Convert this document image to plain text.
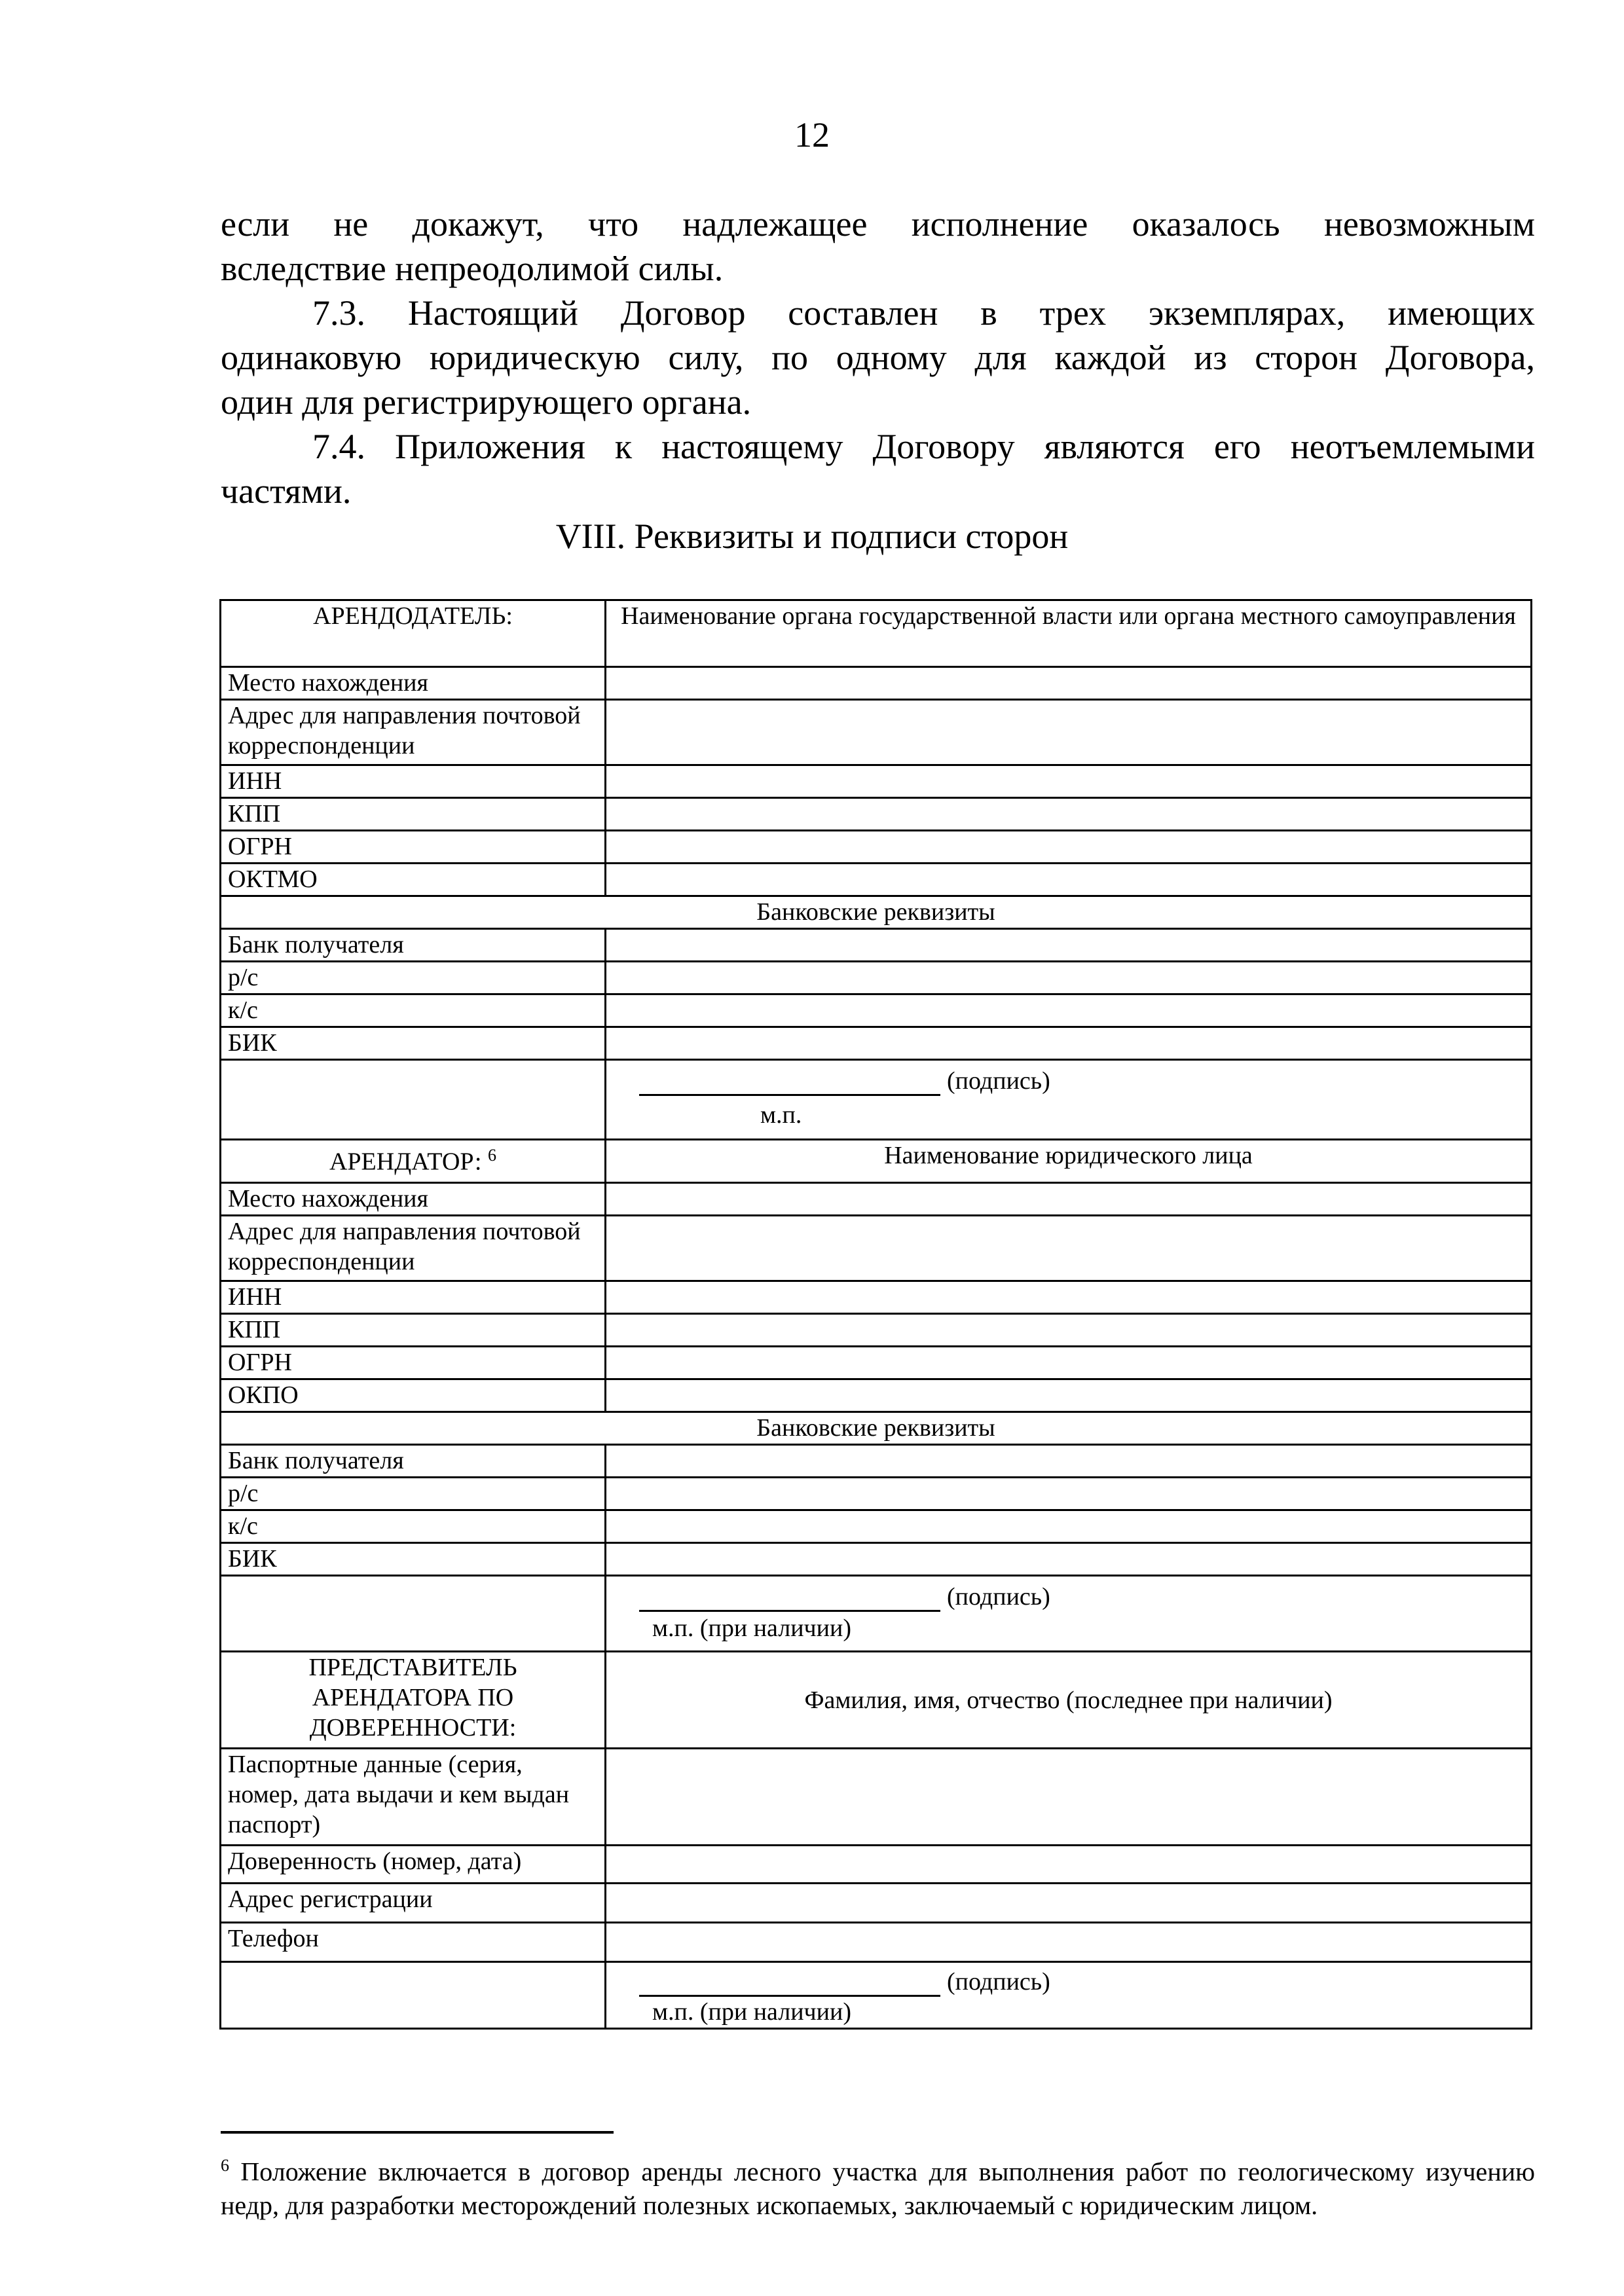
12
если не докажут, что надлежащее исполнение оказалось невозможным
вследствие непреодолимой силы.
7.3. Настоящий Договор составлен в трех экземплярах, имеющих
одинаковую юридическую силу, по одному для каждой из сторон Договора,
один для регистрирующего органа.
7.4. Приложения к настоящему Договору являются его неотъемлемыми
частями.
VIII. Реквизиты и подписи сторон
АРЕНДОДАТЕЛЬ:	Наименование органа государственной власти или органа местного самоуправления
Место нахождения	
Адрес для направления почтовой корреспонденции	
ИНН	
КПП	
ОГРН	
ОКТМО	
Банковские реквизиты	
Банк получателя	
р/с	
к/с	
БИК	

	(подпись)
м.п.

АРЕНДАТОР: $^6$	Наименование юридического лица
Место нахождения	
Адрес для направления почтовой корреспонденции	
ИНН	
КПП	
ОГРН	
ОКПО	
Банковские реквизиты	
Банк получателя	
р/с	
к/с	
БИК	

	(подпись)
м.п. (при наличии)

ПРЕДСТАВИТЕЛЬ АРЕНДАТОРА ПО ДОВЕРЕННОСТИ:	Фамилия, имя, отчество (последнее при наличии)
Паспортные данные (серия, номер, дата выдачи и кем выдан паспорт)	
Доверенность (номер, дата)	
Адрес регистрации	
Телефон	

	(подпись)
м.п. (при наличии)
$^6$ Положение включается в договор аренды лесного участка для выполнения работ по геологическому изучению недр, для разработки месторождений полезных ископаемых, заключаемый с юридическим лицом.
